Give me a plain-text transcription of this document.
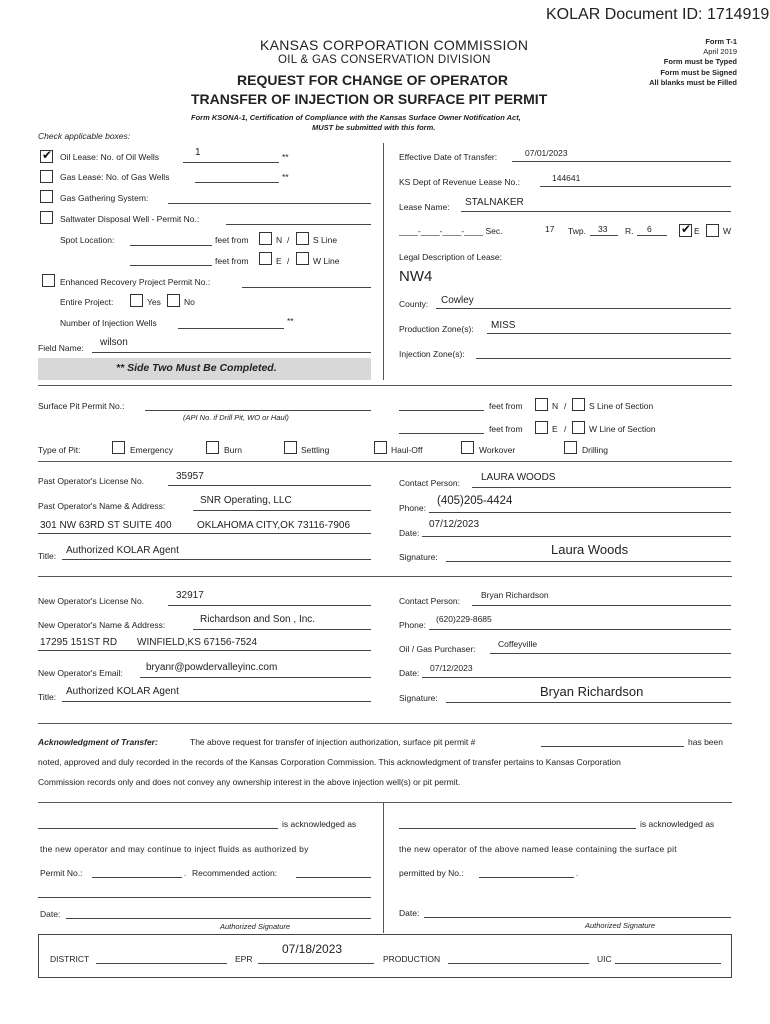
KOLAR Document ID: 1714919
KANSAS CORPORATION COMMISSION
OIL & GAS CONSERVATION DIVISION
REQUEST FOR CHANGE OF OPERATOR
TRANSFER OF INJECTION OR SURFACE PIT PERMIT
Form KSONA-1, Certification of Compliance with the Kansas Surface Owner Notification Act,
MUST be submitted with this form.
Form T-1
April 2019
Form must be Typed
Form must be Signed
All blanks must be Filled
Check applicable boxes:
✔
Oil Lease: No. of Oil Wells	1	**
Gas Lease: No. of Gas Wells	**
Gas Gathering System:
Saltwater Disposal Well - Permit No.:
Spot Location:	feet from	N /	S Line
feet from	E /	W Line
Enhanced Recovery Project Permit No.:
Entire Project:	Yes	No
Number of Injection Wells	**
Field Name: wilson
** Side Two Must Be Completed.
Effective Date of Transfer:	07/01/2023
KS Dept of Revenue Lease No.:	144641
Lease Name: STALNAKER
____-____-____-____ Sec.	17 Twp. 33 R. 6 ✔	E	W
Legal Description of Lease:
NW4
County: Cowley
Production Zone(s): MISS
Injection Zone(s):
Surface Pit Permit No.:
(API No. if Drill Pit, WO or Haul)
feet from	N /	S Line of Section
feet from	E /	W Line of Section
Type of Pit:	Emergency	Burn	Settling	Haul-Off	Workover	Drilling
Past Operator's License No.	35957
Past Operator's Name & Address:	SNR Operating, LLC
301 NW 63RD ST SUITE 400	OKLAHOMA CITY,OK 73116-7906
Title: Authorized KOLAR Agent
Contact Person: LAURA WOODS
Phone:
(405)205-4424
Date:
07/12/2023
Signature:	Laura Woods
New Operator's License No.	32917
New Operator's Name & Address:	Richardson and Son , Inc.
17295 151ST RD WINFIELD,KS 67156-7524
New Operator's Email: bryanr@powdervalleyinc.com
Title: Authorized KOLAR Agent
Contact Person:
Bryan Richardson
Phone:
(620)229-8685
Oil / Gas Purchaser:	Coffeyville
Date: 07/12/2023
Signature:	Bryan Richardson
Acknowledgment of Transfer:	The above request for transfer of injection authorization, surface pit permit #	has been
noted, approved and duly recorded in the records of the Kansas Corporation Commission. This acknowledgment of transfer pertains to Kansas Corporation
Commission records only and does not convey any ownership interest in the above injection well(s) or pit permit.
is acknowledged as
the new operator and may continue to inject fluids as authorized by
Permit No.:	. Recommended action:
Date:
Authorized Signature
is acknowledged as
the new operator of the above named lease containing the surface pit
permitted by No.:	.
Date:
Authorized Signature
DISTRICT	EPR
07/18/2023
PRODUCTION	UIC
